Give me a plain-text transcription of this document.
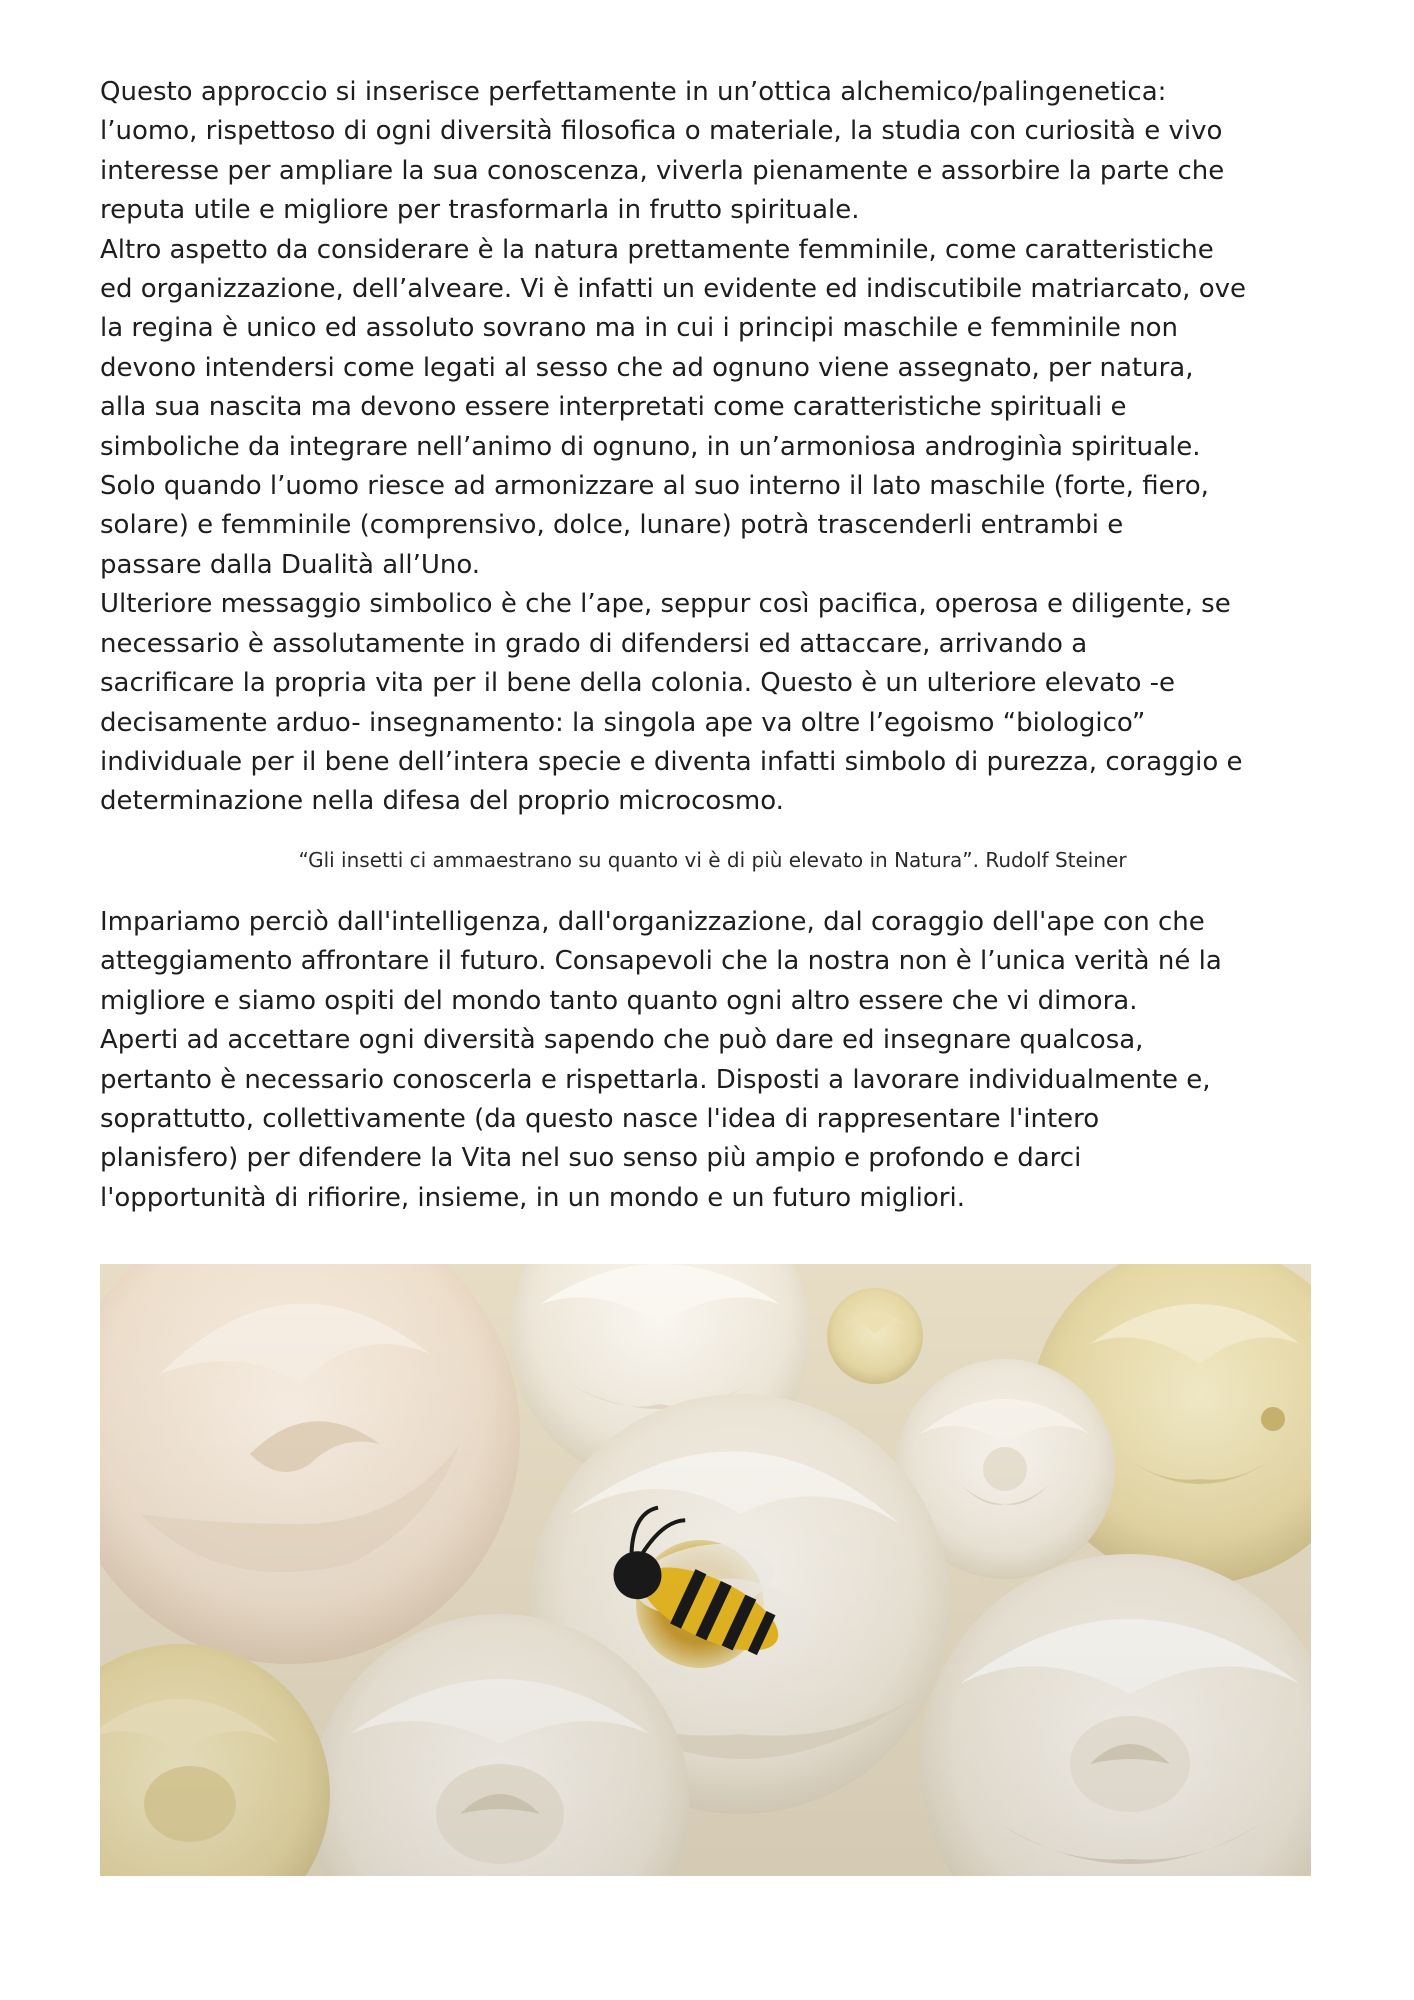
Questo approccio si inserisce perfettamente in un’ottica alchemico/palingenetica:

l’uomo, rispettoso di ogni diversità filosofica o materiale, la studia con curiosità e vivo

interesse per ampliare la sua conoscenza, viverla pienamente e assorbire la parte che

reputa utile e migliore per trasformarla in frutto spirituale.

Altro aspetto da considerare è la natura prettamente femminile, come caratteristiche

ed organizzazione, dell’alveare. Vi è infatti un evidente ed indiscutibile matriarcato, ove

la regina è unico ed assoluto sovrano ma in cui i principi maschile e femminile non

devono intendersi come legati al sesso che ad ognuno viene assegnato, per natura,

alla sua nascita ma devono essere interpretati come caratteristiche spirituali e

simboliche da integrare nell’animo di ognuno, in un’armoniosa androginìa spirituale.

Solo quando l’uomo riesce ad armonizzare al suo interno il lato maschile (forte, fiero,

solare) e femminile (comprensivo, dolce, lunare) potrà trascenderli entrambi e

passare dalla Dualità all’Uno.

Ulteriore messaggio simbolico è che l’ape, seppur così pacifica, operosa e diligente, se

necessario è assolutamente in grado di difendersi ed attaccare, arrivando a

sacrificare la propria vita per il bene della colonia. Questo è un ulteriore elevato -e

decisamente arduo- insegnamento: la singola ape va oltre l’egoismo “biologico”

individuale per il bene dell’intera specie e diventa infatti simbolo di purezza, coraggio e

determinazione nella difesa del proprio microcosmo.

“Gli insetti ci ammaestrano su quanto vi è di più elevato in Natura”. Rudolf Steiner

Impariamo perciò dall'intelligenza, dall'organizzazione, dal coraggio dell'ape con che

atteggiamento affrontare il futuro. Consapevoli che la nostra non è l’unica verità né la

migliore e siamo ospiti del mondo tanto quanto ogni altro essere che vi dimora.

Aperti ad accettare ogni diversità sapendo che può dare ed insegnare qualcosa,

pertanto è necessario conoscerla e rispettarla. Disposti a lavorare individualmente e,

soprattutto, collettivamente (da questo nasce l'idea di rappresentare l'intero

planisfero) per difendere la Vita nel suo senso più ampio e profondo e darci

l'opportunità di rifiorire, insieme, in un mondo e un futuro migliori.
